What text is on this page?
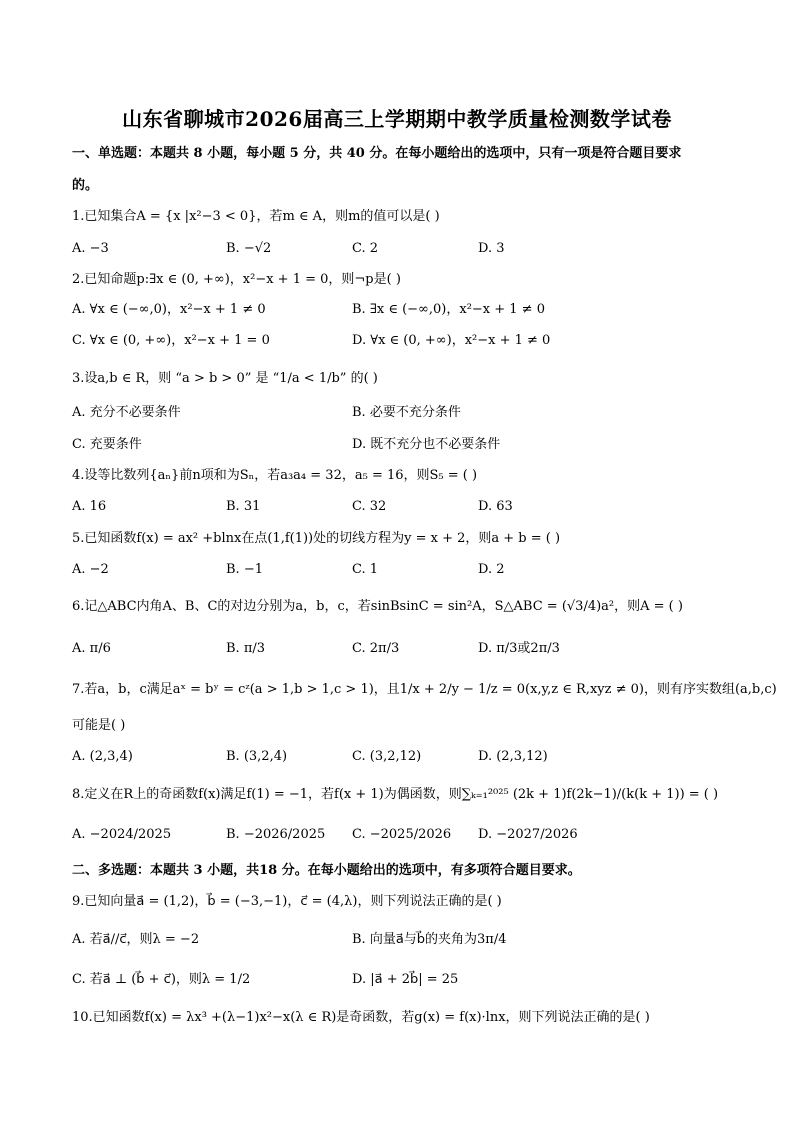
山东省聊城市2026届高三上学期期中教学质量检测数学试卷
一、单选题：本题共 8 小题，每小题 5 分，共 40 分。在每小题给出的选项中，只有一项是符合题目要求
的。
1.已知集合A = {x |x²−3 < 0}，若m ∈ A，则m的值可以是( )
A. −3	B. −√2	C. 2	D. 3
2.已知命题p:∃x ∈ (0, +∞)，x²−x + 1 = 0，则¬p是( )
A. ∀x ∈ (−∞,0)，x²−x + 1 ≠ 0	B. ∃x ∈ (−∞,0)，x²−x + 1 ≠ 0
C. ∀x ∈ (0, +∞)，x²−x + 1 = 0	D. ∀x ∈ (0, +∞)，x²−x + 1 ≠ 0
3.设a,b ∈ R，则 “a > b > 0” 是 “1/a < 1/b” 的( )
A. 充分不必要条件	B. 必要不充分条件
C. 充要条件	D. 既不充分也不必要条件
4.设等比数列{aₙ}前n项和为Sₙ，若a₃a₄ = 32，a₅ = 16，则S₅ = ( )
A. 16	B. 31	C. 32	D. 63
5.已知函数f(x) = ax² +blnx在点(1,f(1))处的切线方程为y = x + 2，则a + b = ( )
A. −2	B. −1	C. 1	D. 2
6.记△ABC内角A、B、C的对边分别为a，b，c，若sinBsinC = sin²A，S△ABC = (√3/4)a²，则A = ( )
A. π/6	B. π/3	C. 2π/3	D. π/3或2π/3
7.若a，b，c满足aˣ = bʸ = cᶻ(a > 1,b > 1,c > 1)，且1/x + 2/y − 1/z = 0(x,y,z ∈ R,xyz ≠ 0)，则有序实数组(a,b,c)
可能是( )
A. (2,3,4)	B. (3,2,4)	C. (3,2,12)	D. (2,3,12)
8.定义在R上的奇函数f(x)满足f(1) = −1，若f(x + 1)为偶函数，则∑ₖ₌₁²⁰²⁵ (2k + 1)f(2k−1)/(k(k + 1)) = ( )
A. −2024/2025	B. −2026/2025 C. −2025/2026 D. −2027/2026
二、多选题：本题共 3 小题，共18 分。在每小题给出的选项中，有多项符合题目要求。
9.已知向量a⃗ = (1,2)，b⃗ = (−3,−1)，c⃗ = (4,λ)，则下列说法正确的是( )
A. 若a⃗//c⃗，则λ = −2	B. 向量a⃗与b⃗的夹角为3π/4
C. 若a⃗ ⊥ (b⃗ + c⃗)，则λ = 1/2	D. |a⃗ + 2b⃗| = 25
10.已知函数f(x) = λx³ +(λ−1)x²−x(λ ∈ R)是奇函数，若g(x) = f(x)·lnx，则下列说法正确的是( )
